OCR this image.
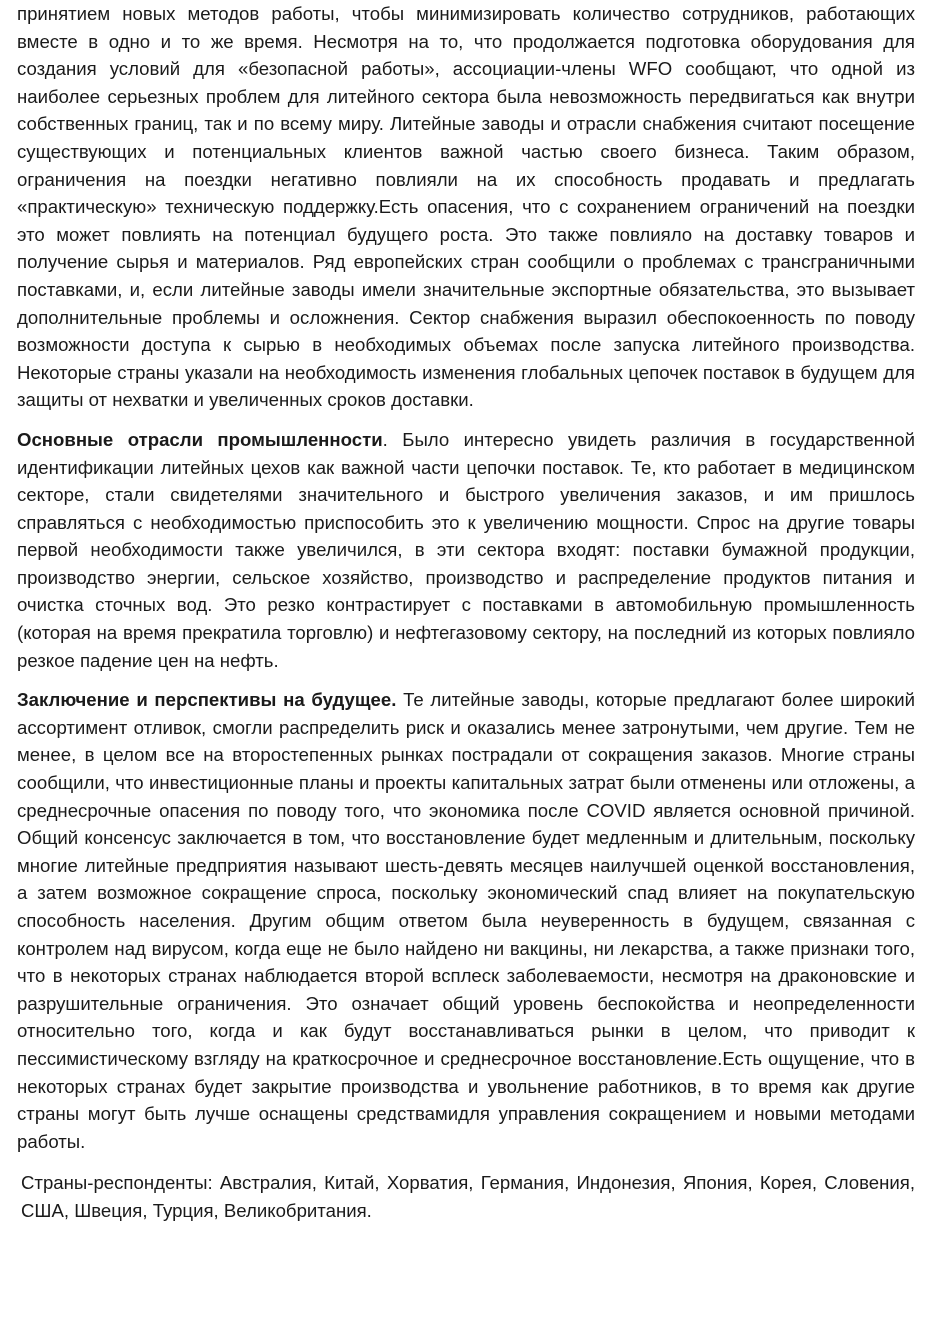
принятием новых методов работы, чтобы минимизировать количество сотрудников, работающих вместе в одно и то же время. Несмотря на то, что продолжается подготовка оборудования для создания условий для «безопасной работы», ассоциации-члены WFO сообщают, что одной из наиболее серьезных проблем для литейного сектора была невозможность передвигаться как внутри собственных границ, так и по всему миру. Литейные заводы и отрасли снабжения считают посещение существующих и потенциальных клиентов важной частью своего бизнеса. Таким образом, ограничения на поездки негативно повлияли на их способность продавать и предлагать «практическую» техническую поддержку.Есть опасения, что с сохранением ограничений на поездки это может повлиять на потенциал будущего роста. Это также повлияло на доставку товаров и получение сырья и материалов. Ряд европейских стран сообщили о проблемах с трансграничными поставками, и, если литейные заводы имели значительные экспортные обязательства, это вызывает дополнительные проблемы и осложнения. Сектор снабжения выразил обеспокоенность по поводу возможности доступа к сырью в необходимых объемах после запуска литейного производства. Некоторые страны указали на необходимость изменения глобальных цепочек поставок в будущем для защиты от нехватки и увеличенных сроков доставки.

Основные отрасли промышленности. Было интересно увидеть различия в государственной идентификации литейных цехов как важной части цепочки поставок. Те, кто работает в медицинском секторе, стали свидетелями значительного и быстрого увеличения заказов, и им пришлось справляться с необходимостью приспособить это к увеличению мощности. Спрос на другие товары первой необходимости также увеличился, в эти сектора входят: поставки бумажной продукции, производство энергии, сельское хозяйство, производство и распределение продуктов питания и очистка сточных вод. Это резко контрастирует с поставками в автомобильную промышленность (которая на время прекратила торговлю) и нефтегазовому сектору, на последний из которых повлияло резкое падение цен на нефть.

Заключение и перспективы на будущее. Те литейные заводы, которые предлагают более широкий ассортимент отливок, смогли распределить риск и оказались менее затронутыми, чем другие. Тем не менее, в целом все на второстепенных рынках пострадали от сокращения заказов. Многие страны сообщили, что инвестиционные планы и проекты капитальных затрат были отменены или отложены, а среднесрочные опасения по поводу того, что экономика после COVID является основной причиной. Общий консенсус заключается в том, что восстановление будет медленным и длительным, поскольку многие литейные предприятия называют шесть-девять месяцев наилучшей оценкой восстановления, а затем возможное сокращение спроса, поскольку экономический спад влияет на покупательскую способность населения. Другим общим ответом была неуверенность в будущем, связанная с контролем над вирусом, когда еще не было найдено ни вакцины, ни лекарства, а также признаки того, что в некоторых странах наблюдается второй всплеск заболеваемости, несмотря на драконовские и разрушительные ограничения. Это означает общий уровень беспокойства и неопределенности относительно того, когда и как будут восстанавливаться рынки в целом, что приводит к пессимистическому взгляду на краткосрочное и среднесрочное восстановление.Есть ощущение, что в некоторых странах будет закрытие производства и увольнение работников, в то время как другие страны могут быть лучше оснащены средствамидля управления сокращением и новыми методами работы.

Страны-респонденты: Австралия, Китай, Хорватия, Германия, Индонезия, Япония, Корея, Словения, США, Швеция, Турция, Великобритания.
